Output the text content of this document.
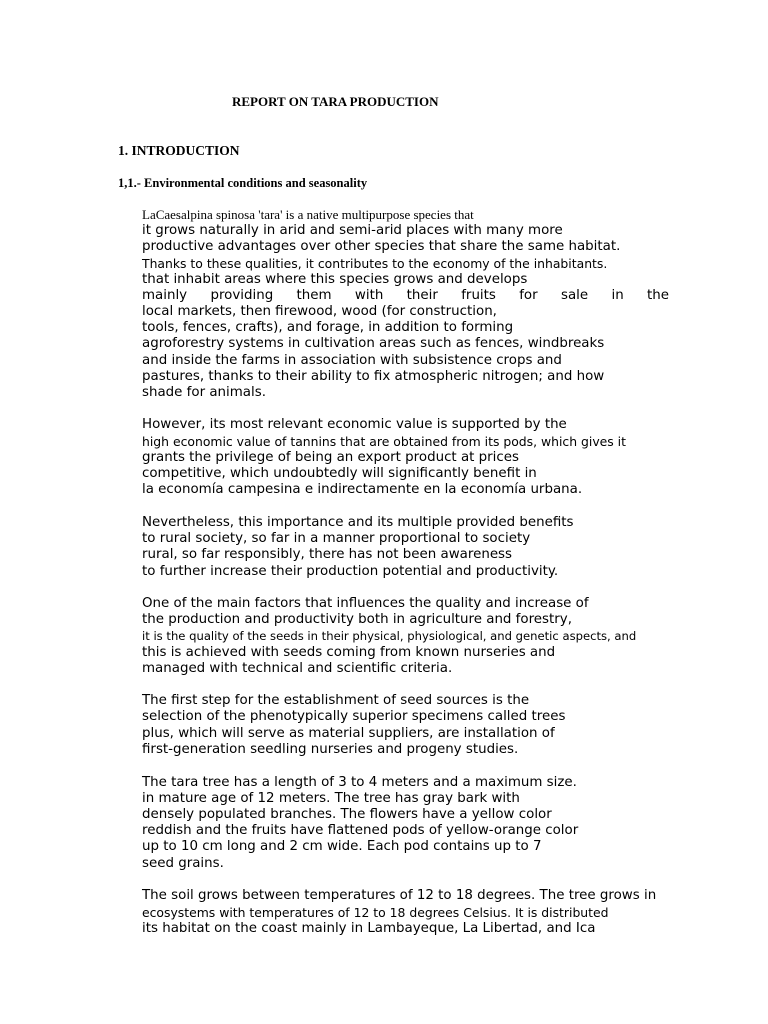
REPORT ON TARA PRODUCTION
1. INTRODUCTION
1,1.- Environmental conditions and seasonality
LaCaesalpina spinosa 'tara' is a native multipurpose species that
it grows naturally in arid and semi-arid places with many more
productive advantages over other species that share the same habitat.
Thanks to these qualities, it contributes to the economy of the inhabitants.
that inhabit areas where this species grows and develops
mainly providing them with their fruits for sale in the
local markets, then firewood, wood (for construction,
tools, fences, crafts), and forage, in addition to forming
agroforestry systems in cultivation areas such as fences, windbreaks
and inside the farms in association with subsistence crops and
pastures, thanks to their ability to fix atmospheric nitrogen; and how
shade for animals.
However, its most relevant economic value is supported by the
high economic value of tannins that are obtained from its pods, which gives it
grants the privilege of being an export product at prices
competitive, which undoubtedly will significantly benefit in
la economía campesina e indirectamente en la economía urbana.
Nevertheless, this importance and its multiple provided benefits
to rural society, so far in a manner proportional to society
rural, so far responsibly, there has not been awareness
to further increase their production potential and productivity.
One of the main factors that influences the quality and increase of
the production and productivity both in agriculture and forestry,
it is the quality of the seeds in their physical, physiological, and genetic aspects, and
this is achieved with seeds coming from known nurseries and
managed with technical and scientific criteria.
The first step for the establishment of seed sources is the
selection of the phenotypically superior specimens called trees
plus, which will serve as material suppliers, are installation of
first-generation seedling nurseries and progeny studies.
The tara tree has a length of 3 to 4 meters and a maximum size.
in mature age of 12 meters. The tree has gray bark with
densely populated branches. The flowers have a yellow color
reddish and the fruits have flattened pods of yellow-orange color
up to 10 cm long and 2 cm wide. Each pod contains up to 7
seed grains.
The soil grows between temperatures of 12 to 18 degrees. The tree grows in
ecosystems with temperatures of 12 to 18 degrees Celsius. It is distributed
its habitat on the coast mainly in Lambayeque, La Libertad, and Ica
